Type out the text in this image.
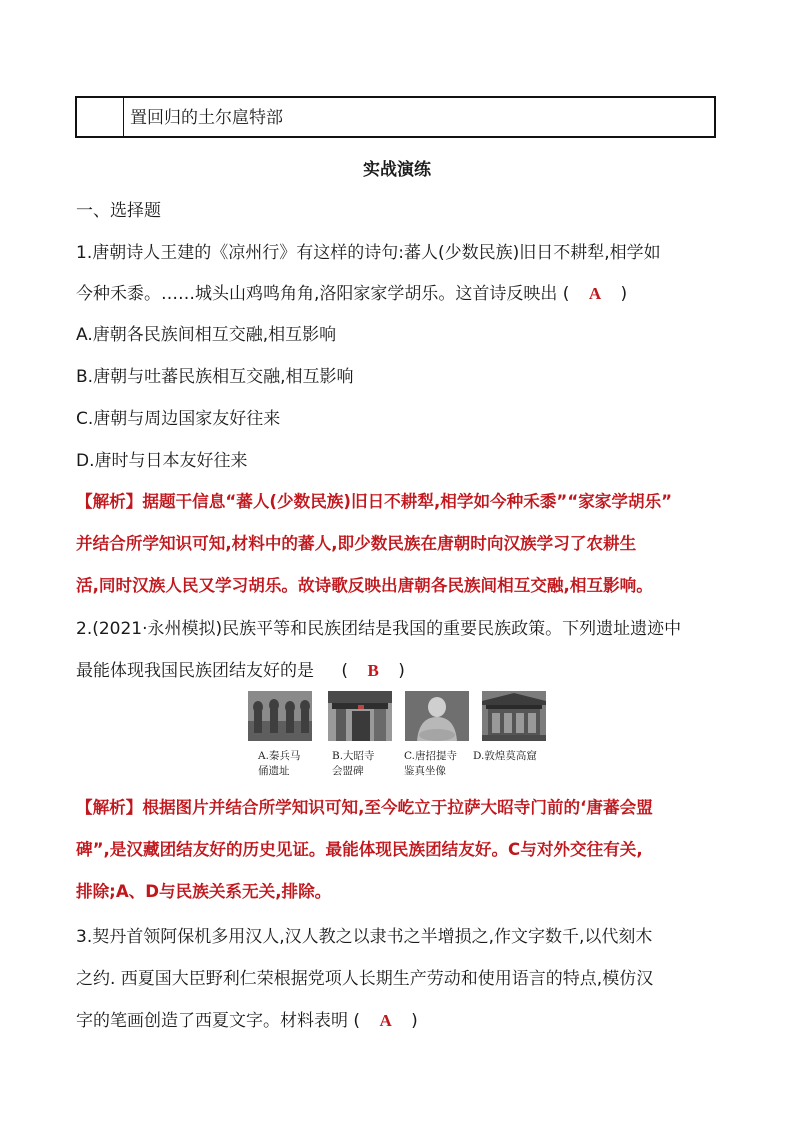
置回归的土尔扈特部
实战演练
一、选择题
1.唐朝诗人王建的《凉州行》有这样的诗句:蕃人(少数民族)旧日不耕犁,相学如
今种禾黍。……城头山鸡鸣角角,洛阳家家学胡乐。这首诗反映出 ( A )
A.唐朝各民族间相互交融,相互影响
B.唐朝与吐蕃民族相互交融,相互影响
C.唐朝与周边国家友好往来
D.唐时与日本友好往来
【解析】据题干信息“蕃人(少数民族)旧日不耕犁,相学如今种禾黍”“家家学胡乐”
并结合所学知识可知,材料中的蕃人,即少数民族在唐朝时向汉族学习了农耕生
活,同时汉族人民又学习胡乐。故诗歌反映出唐朝各民族间相互交融,相互影响。
2.(2021·永州模拟)民族平等和民族团结是我国的重要民族政策。下列遗址遗迹中
最能体现我国民族团结友好的是 ( B )
A.秦兵马
俑遗址
B.大昭寺
会盟碑
C.唐招提寺
鉴真坐像
D.敦煌莫高窟
【解析】根据图片并结合所学知识可知,至今屹立于拉萨大昭寺门前的‘唐蕃会盟
碑”,是汉藏团结友好的历史见证。最能体现民族团结友好。C与对外交往有关,
排除;A、D与民族关系无关,排除。
3.契丹首领阿保机多用汉人,汉人教之以隶书之半增损之,作文字数千,以代刻木
之约. 西夏国大臣野利仁荣根据党项人长期生产劳动和使用语言的特点,模仿汉
字的笔画创造了西夏文字。材料表明 ( A )
